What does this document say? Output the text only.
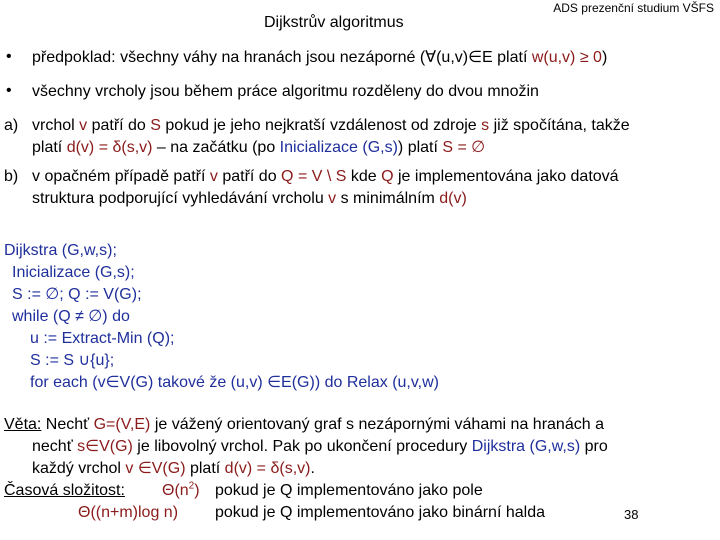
ADS prezenční studium VŠFS
Dijkstrův algoritmus
• předpoklad: všechny váhy na hranách jsou nezáporné (∀(u,v)∈E platí w(u,v) ≥ 0)
• všechny vrcholy jsou během práce algoritmu rozděleny do dvou množin
a) vrchol v patří do S pokud je jeho nejkratší vzdálenost od zdroje s již spočítána, takže
platí d(v) = δ(s,v) – na začátku (po Inicializace (G,s)) platí S = ∅
b) v opačném případě patří v patří do Q = V \ S kde Q je implementována jako datová
struktura podporující vyhledávání vrcholu v s minimálním d(v)
Dijkstra (G,w,s);
Inicializace (G,s);
S := ∅; Q := V(G);
while (Q ≠ ∅) do
u := Extract-Min (Q);
S := S ∪{u};
for each (v∈V(G) takové že (u,v) ∈E(G)) do Relax (u,v,w)
Věta: Nechť G=(V,E) je vážený orientovaný graf s nezápornými váhami na hranách a
nechť s∈V(G) je libovolný vrchol. Pak po ukončení procedury Dijkstra (G,w,s) pro
každý vrchol v ∈V(G) platí d(v) = δ(s,v).
Časová složitost: $\Theta(n^2)$ pokud je Q implementováno jako pole
Θ((n+m)log n) pokud je Q implementováno jako binární halda	38
